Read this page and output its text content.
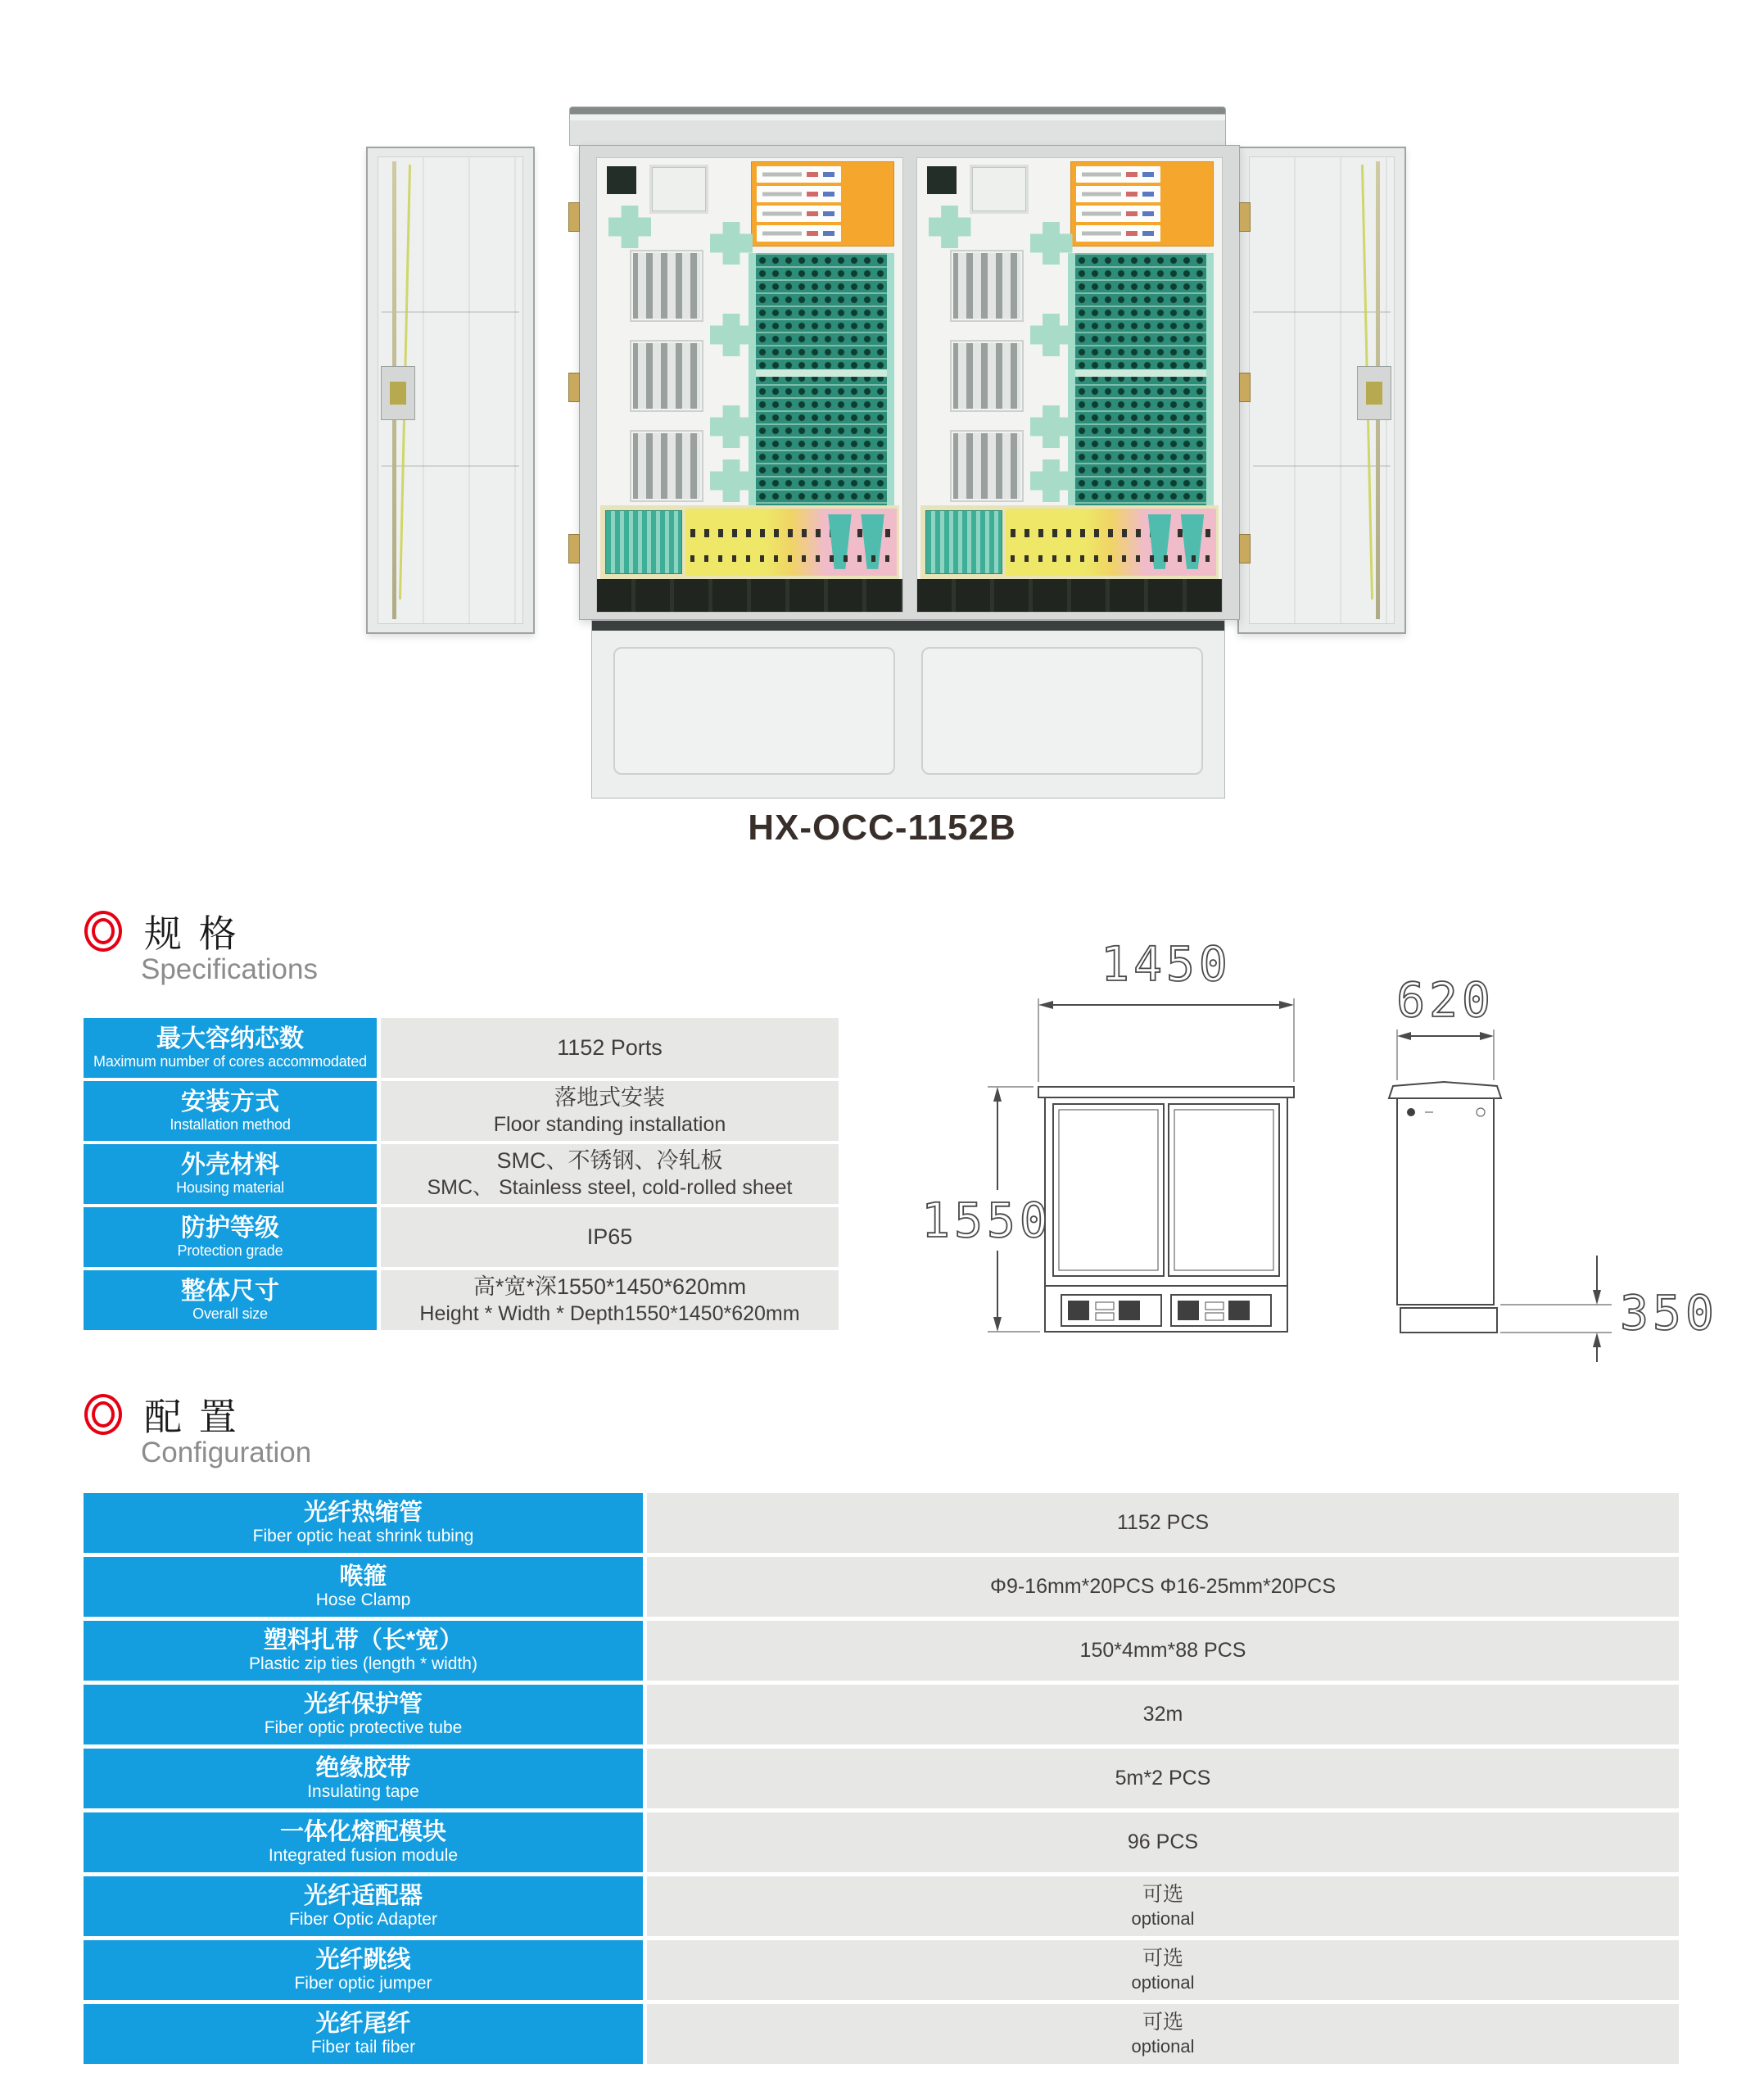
HX-OCC-1152B
规 格
Specifications
最大容纳芯数
Maximum number of cores accommodated
1152 Ports
安装方式
Installation method
落地式安装
Floor standing installation
外壳材料
Housing material
SMC、不锈钢、冷轧板
SMC、 Stainless steel, cold-rolled sheet
防护等级
Protection grade
IP65
整体尺寸
Overall size
高*宽*深1550*1450*620mm
Height * Width * Depth1550*1450*620mm
1450
1550
620
350
配 置
Configuration
光纤热缩管
Fiber optic heat shrink tubing
1152 PCS
喉箍
Hose Clamp
Φ9-16mm*20PCS Φ16-25mm*20PCS
塑料扎带（长*宽）
Plastic zip ties (length * width)
150*4mm*88 PCS
光纤保护管
Fiber optic protective tube
32m
绝缘胶带
Insulating tape
5m*2 PCS
一体化熔配模块
Integrated fusion module
96 PCS
光纤适配器
Fiber Optic Adapter
可选
optional
光纤跳线
Fiber optic jumper
可选
optional
光纤尾纤
Fiber tail fiber
可选
optional
